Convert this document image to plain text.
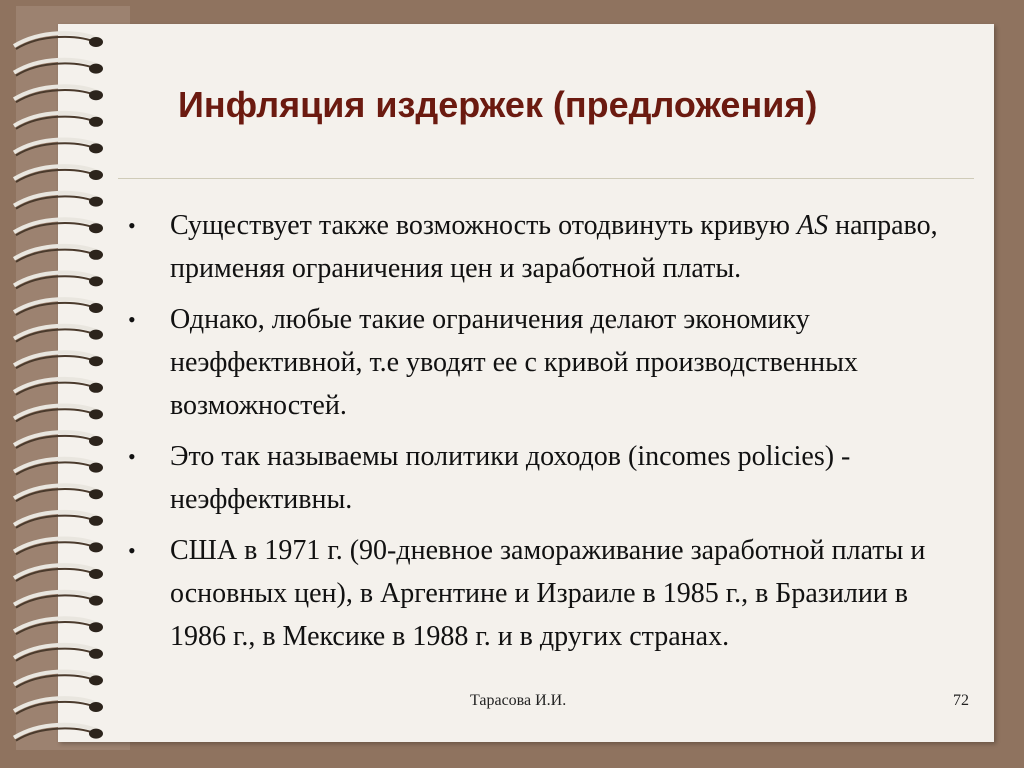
Инфляция издержек (предложения)
• Существует также возможность отодвинуть кривую AS направо, применяя ограничения цен и заработной платы.
• Однако, любые такие ограничения делают экономику неэффективной, т.е уводят ее с кривой производственных возможностей.
• Это так называемы политики доходов (incomes policies) - неэффективны.
• США в 1971 г. (90-дневное замораживание заработной платы и основных цен), в Аргентине и Израиле в 1985 г., в Бразилии в 1986 г., в Мексике в 1988 г. и в других странах.
Тарасова И.И.	72
